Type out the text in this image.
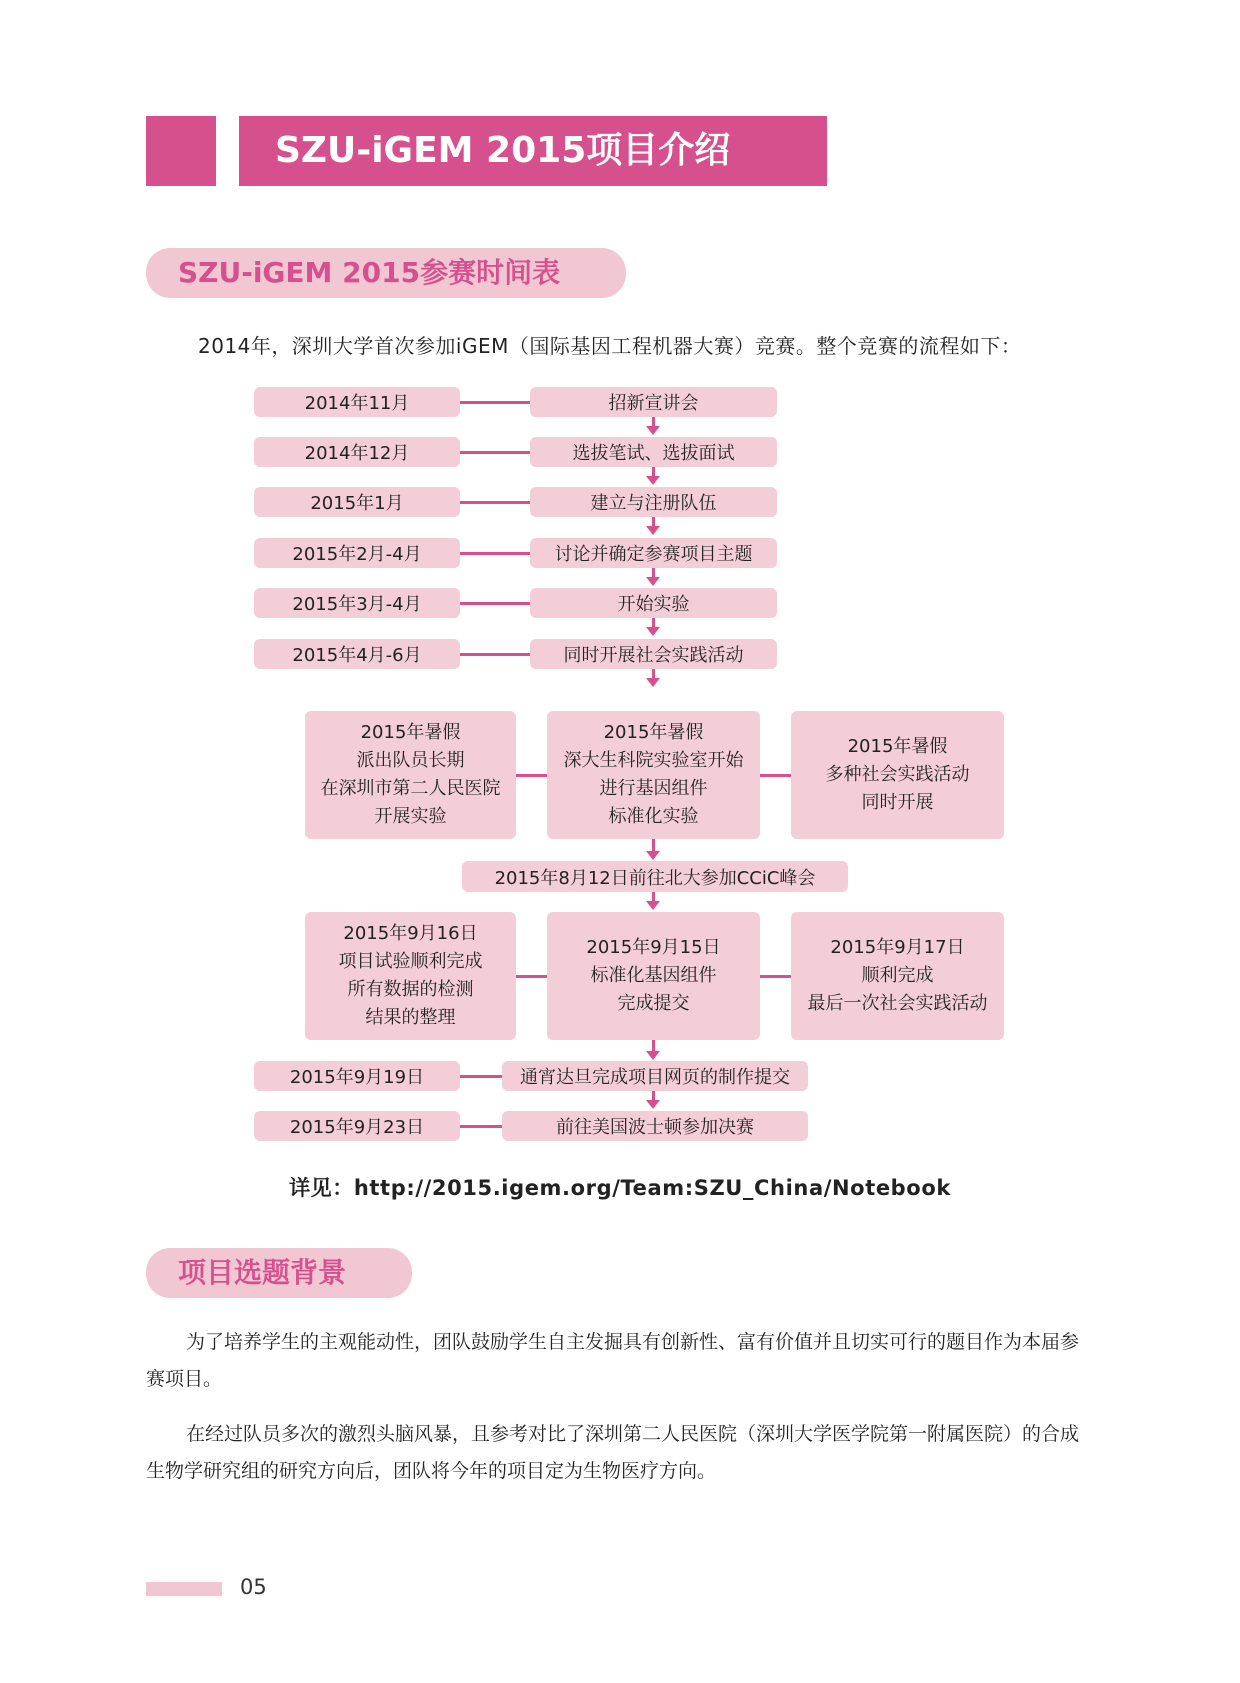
SZU-iGEM 2015项目介绍
SZU-iGEM 2015参赛时间表
2014年，深圳大学首次参加iGEM（国际基因工程机器大赛）竞赛。整个竞赛的流程如下：
2014年11月	招新宣讲会
2014年12月	选拔笔试、选拔面试
2015年1月	建立与注册队伍
2015年2月-4月	讨论并确定参赛项目主题
2015年3月-4月	开始实验
2015年4月-6月	同时开展社会实践活动
2015年暑假
派出队员长期
在深圳市第二人民医院
开展实验
2015年暑假
深大生科院实验室开始
进行基因组件
标准化实验
2015年暑假
多种社会实践活动
同时开展
2015年8月12日前往北大参加CCiC峰会
2015年9月16日
项目试验顺利完成
所有数据的检测
结果的整理
2015年9月15日
标准化基因组件
完成提交
2015年9月17日
顺利完成
最后一次社会实践活动
2015年9月19日	通宵达旦完成项目网页的制作提交
2015年9月23日	前往美国波士顿参加决赛
详见：http://2015.igem.org/Team:SZU_China/Notebook
项目选题背景
为了培养学生的主观能动性，团队鼓励学生自主发掘具有创新性、富有价值并且切实可行的题目作为本届参赛项目。
在经过队员多次的激烈头脑风暴，且参考对比了深圳第二人民医院（深圳大学医学院第一附属医院）的合成生物学研究组的研究方向后，团队将今年的项目定为生物医疗方向。
05
